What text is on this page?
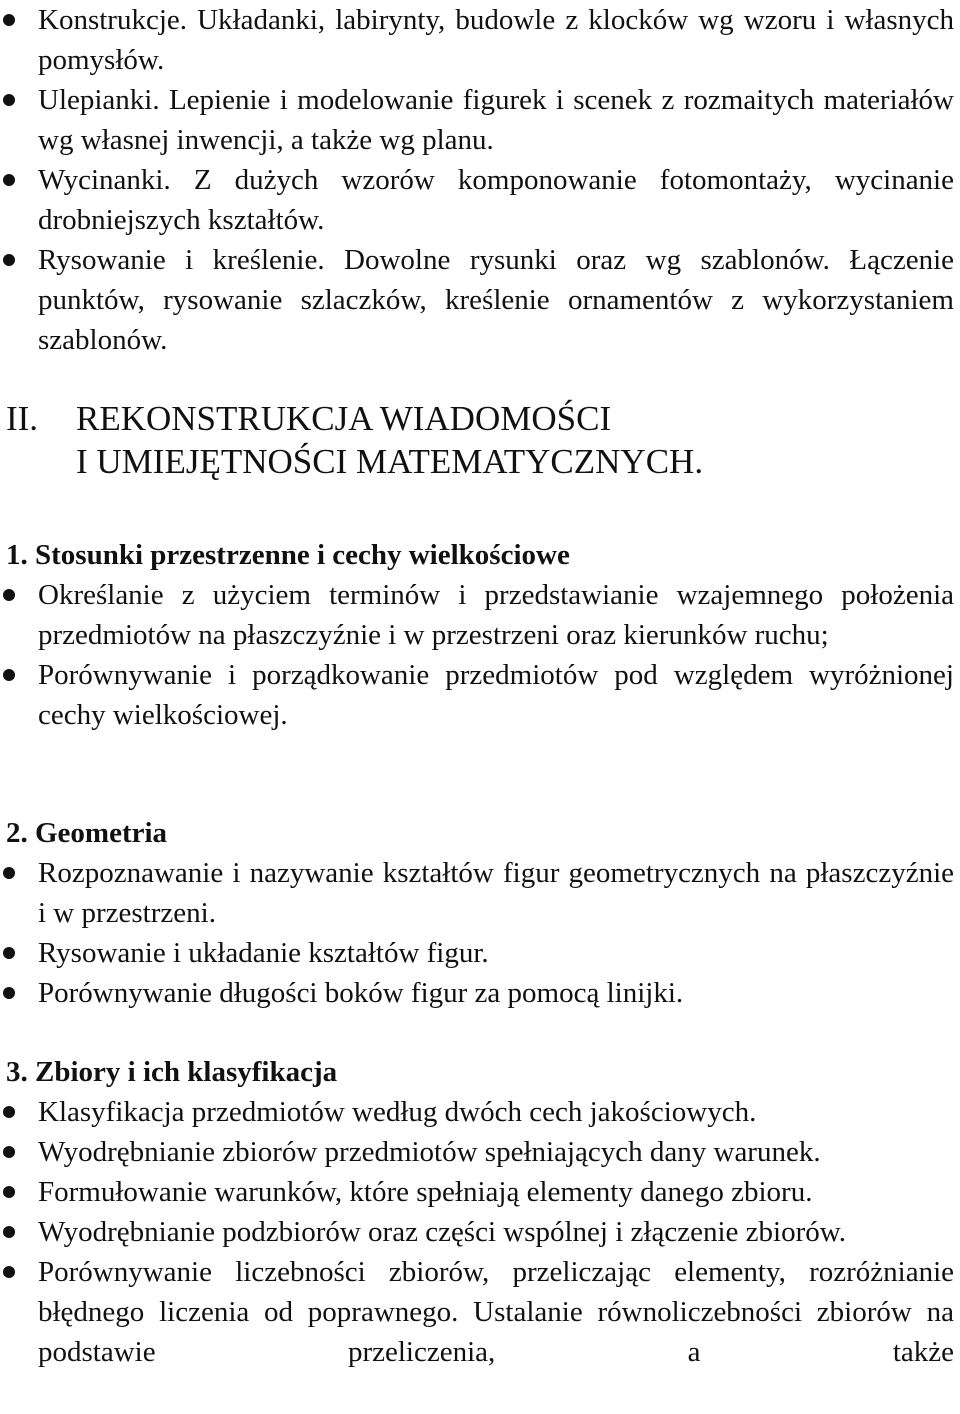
Konstrukcje. Układanki, labirynty, budowle z klocków wg wzoru i własnych pomysłów.
Ulepianki. Lepienie i modelowanie figurek i scenek z rozmaitych materiałów wg własnej inwencji, a także wg planu.
Wycinanki. Z dużych wzorów komponowanie fotomontaży, wycinanie drobniejszych kształtów.
Rysowanie i kreślenie. Dowolne rysunki oraz wg szablonów. Łączenie punktów, rysowanie szlaczków, kreślenie ornamentów z wykorzystaniem szablonów.
II.	REKONSTRUKCJA WIADOMOŚCI
I UMIEJĘTNOŚCI MATEMATYCZNYCH.
1. Stosunki przestrzenne i cechy wielkościowe
Określanie z użyciem terminów i przedstawianie wzajemnego położenia przedmiotów na płaszczyźnie i w przestrzeni oraz kierunków ruchu;
Porównywanie i porządkowanie przedmiotów pod względem wyróżnionej cechy wielkościowej.
2. Geometria
Rozpoznawanie i nazywanie kształtów figur geometrycznych na płaszczyźnie i w przestrzeni.
Rysowanie i układanie kształtów figur.
Porównywanie długości boków figur za pomocą linijki.
3. Zbiory i ich klasyfikacja
Klasyfikacja przedmiotów według dwóch cech jakościowych.
Wyodrębnianie zbiorów przedmiotów spełniających dany warunek.
Formułowanie warunków, które spełniają elementy danego zbioru.
Wyodrębnianie podzbiorów oraz części wspólnej i złączenie zbiorów.
Porównywanie liczebności zbiorów, przeliczając elementy, rozróżnianie błędnego liczenia od poprawnego. Ustalanie równoliczebności zbiorów na podstawie przeliczenia, a także
